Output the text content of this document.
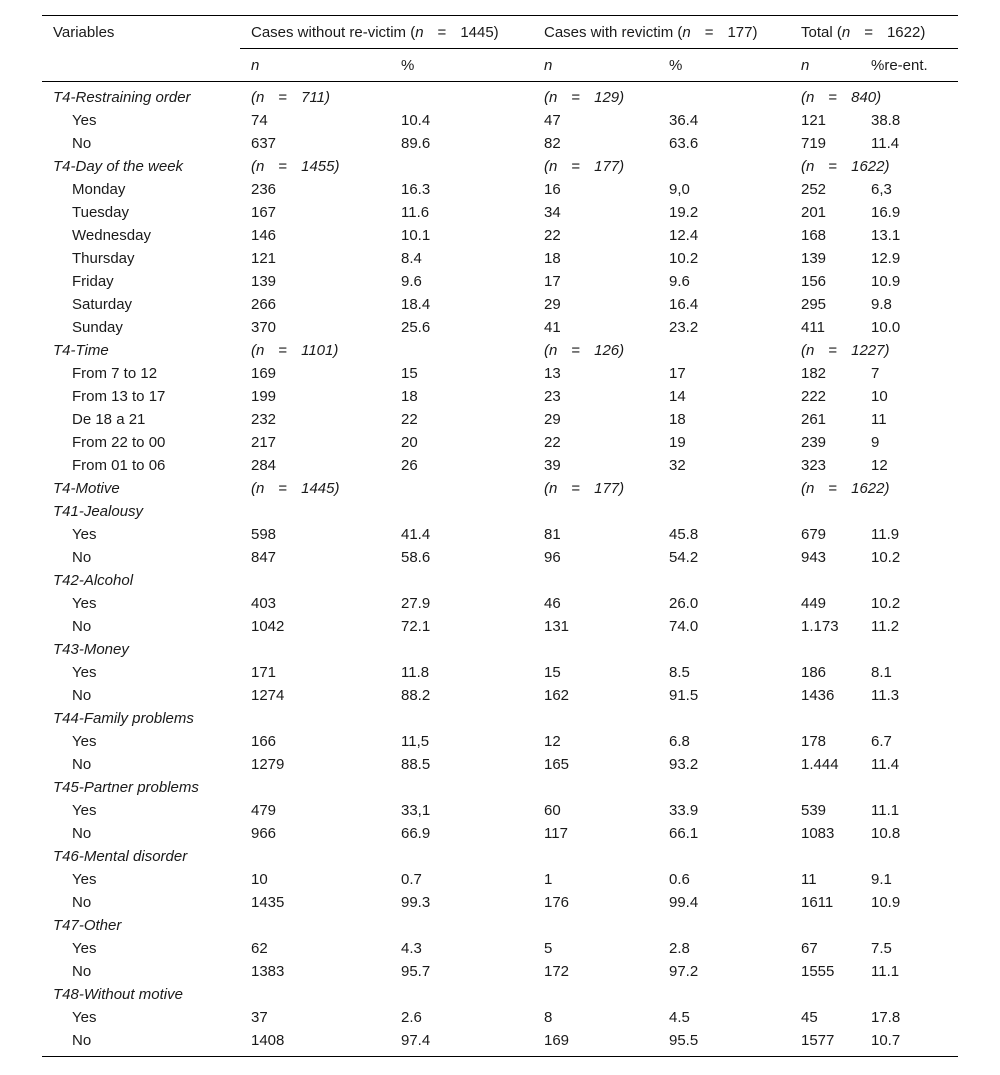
Variables	Cases without re-victim (n = 1445)		Cases with revictim (n = 177)		Total (n = 1622)	
	n	%	n	%	n	%re-ent.
T4-Restraining order	(n = 711)		(n = 129)		(n = 840)	
Yes	74	10.4	47	36.4	121	38.8
No	637	89.6	82	63.6	719	11.4
T4-Day of the week	(n = 1455)		(n = 177)		(n = 1622)	
Monday	236	16.3	16	9,0	252	6,3
Tuesday	167	11.6	34	19.2	201	16.9
Wednesday	146	10.1	22	12.4	168	13.1
Thursday	121	8.4	18	10.2	139	12.9
Friday	139	9.6	17	9.6	156	10.9
Saturday	266	18.4	29	16.4	295	9.8
Sunday	370	25.6	41	23.2	411	10.0
T4-Time	(n = 1101)		(n = 126)		(n = 1227)	
From 7 to 12	169	15	13	17	182	7
From 13 to 17	199	18	23	14	222	10
De 18 a 21	232	22	29	18	261	11
From 22 to 00	217	20	22	19	239	9
From 01 to 06	284	26	39	32	323	12
T4-Motive	(n = 1445)		(n = 177)		(n = 1622)	
T41-Jealousy						
Yes	598	41.4	81	45.8	679	11.9
No	847	58.6	96	54.2	943	10.2
T42-Alcohol						
Yes	403	27.9	46	26.0	449	10.2
No	1042	72.1	131	74.0	1.173	11.2
T43-Money						
Yes	171	11.8	15	8.5	186	8.1
No	1274	88.2	162	91.5	1436	11.3
T44-Family problems						
Yes	166	11,5	12	6.8	178	6.7
No	1279	88.5	165	93.2	1.444	11.4
T45-Partner problems						
Yes	479	33,1	60	33.9	539	11.1
No	966	66.9	117	66.1	1083	10.8
T46-Mental disorder						
Yes	10	0.7	1	0.6	11	9.1
No	1435	99.3	176	99.4	1611	10.9
T47-Other						
Yes	62	4.3	5	2.8	67	7.5
No	1383	95.7	172	97.2	1555	11.1
T48-Without motive						
Yes	37	2.6	8	4.5	45	17.8
No	1408	97.4	169	95.5	1577	10.7
